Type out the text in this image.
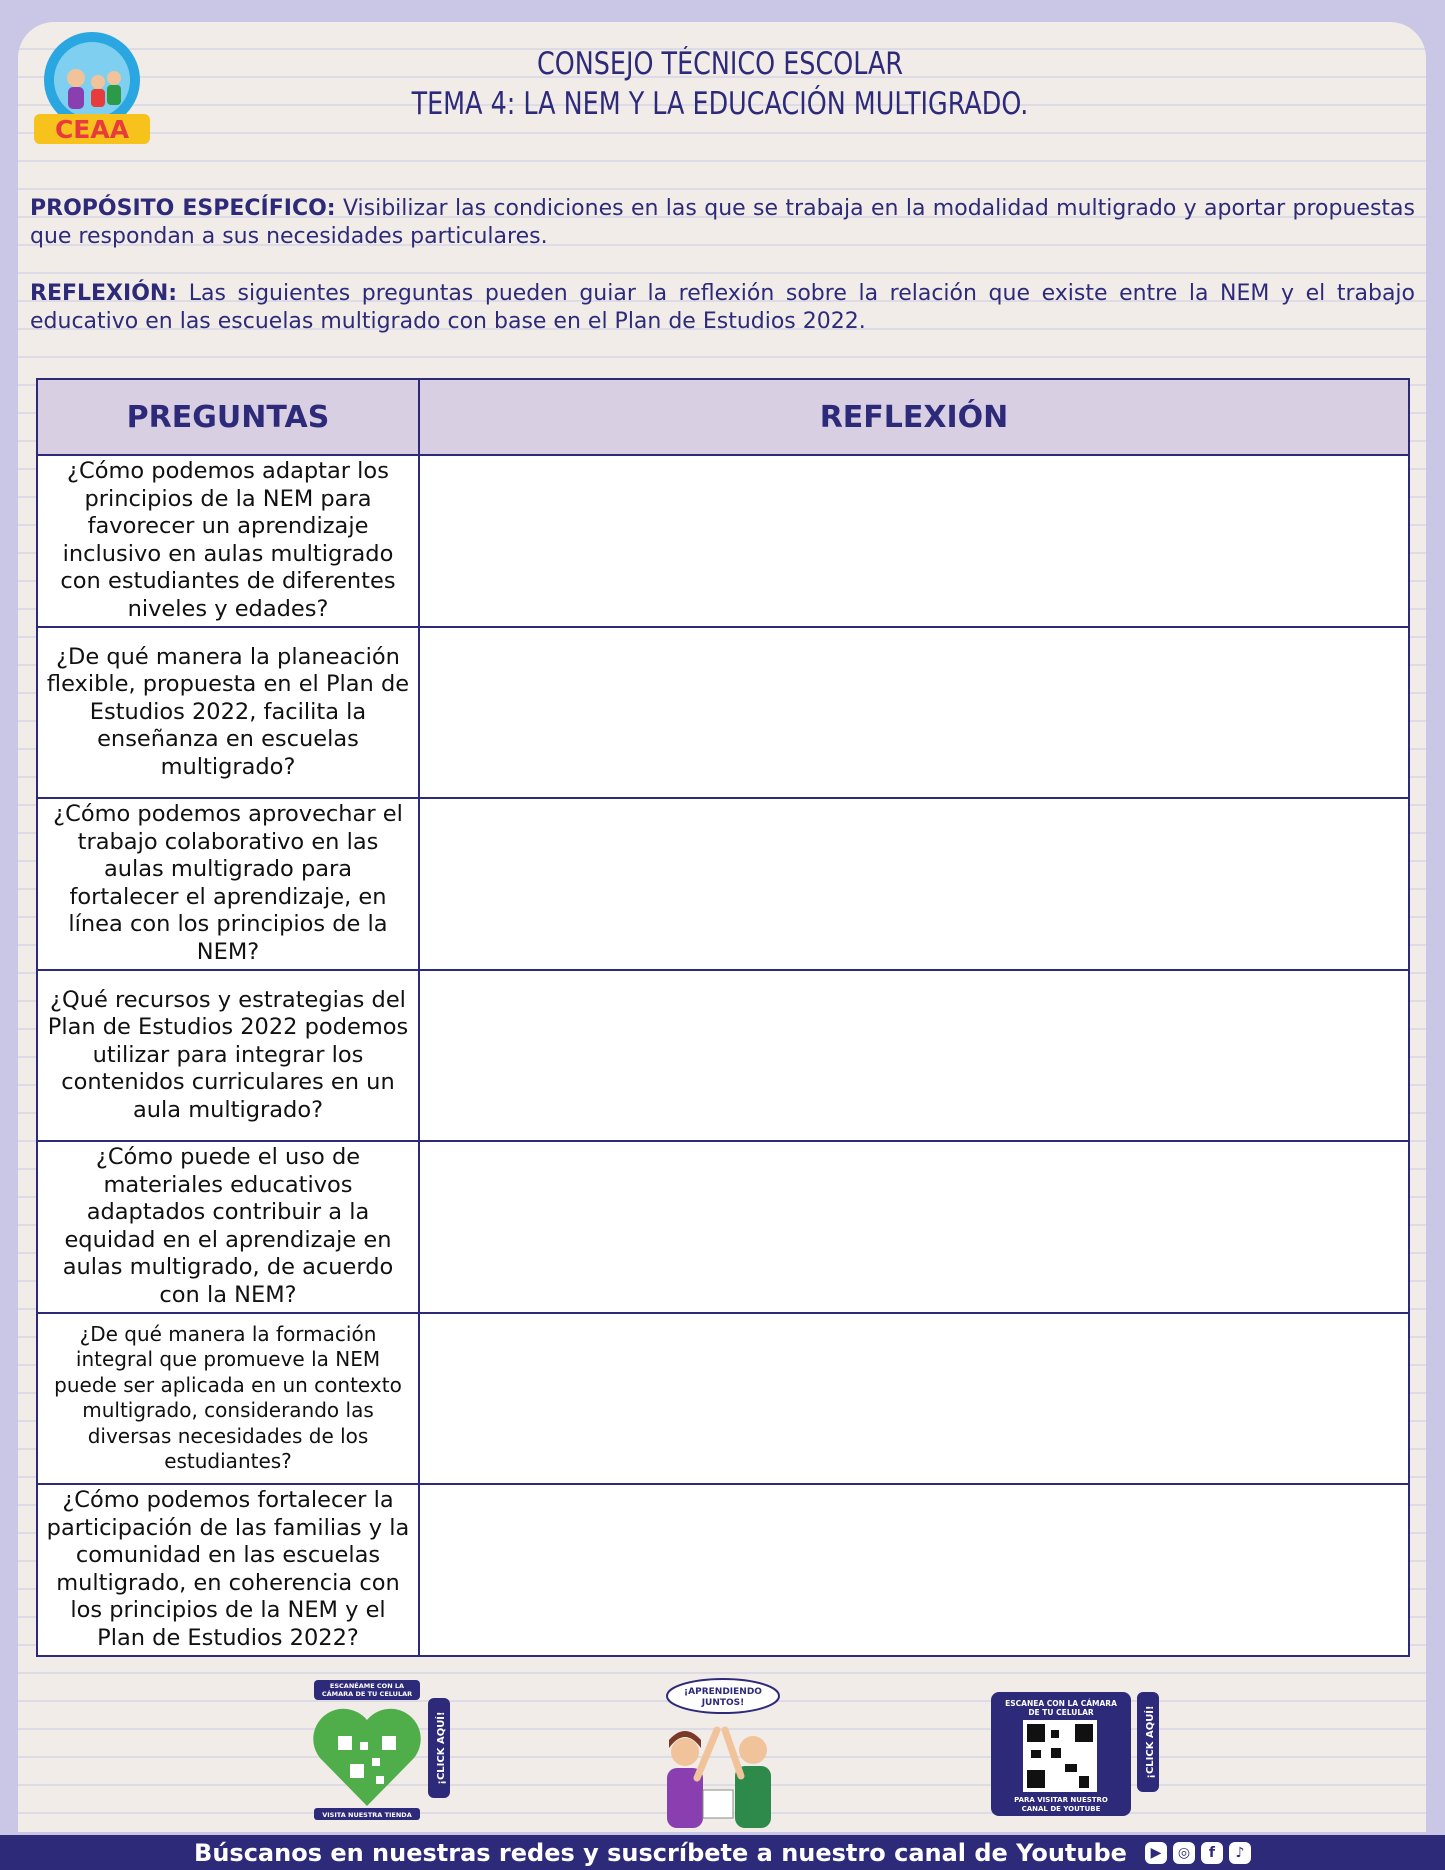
CEAA
CONSEJO TÉCNICO ESCOLAR
TEMA 4: LA NEM Y LA EDUCACIÓN MULTIGRADO.

PROPÓSITO ESPECÍFICO: Visibilizar las condiciones en las que se trabaja en la modalidad multigrado y aportar propuestas que respondan a sus necesidades particulares.

REFLEXIÓN: Las siguientes preguntas pueden guiar la reflexión sobre la relación que existe entre la NEM y el trabajo educativo en las escuelas multigrado con base en el Plan de Estudios 2022.

PREGUNTAS	REFLEXIÓN
¿Cómo podemos adaptar los principios de la NEM para favorecer un aprendizaje inclusivo en aulas multigrado con estudiantes de diferentes niveles y edades?	
¿De qué manera la planeación flexible, propuesta en el Plan de Estudios 2022, facilita la enseñanza en escuelas multigrado?	
¿Cómo podemos aprovechar el trabajo colaborativo en las aulas multigrado para fortalecer el aprendizaje, en línea con los principios de la NEM?	
¿Qué recursos y estrategias del Plan de Estudios 2022 podemos utilizar para integrar los contenidos curriculares en un aula multigrado?	
¿Cómo puede el uso de materiales educativos adaptados contribuir a la equidad en el aprendizaje en aulas multigrado, de acuerdo con la NEM?	
¿De qué manera la formación integral que promueve la NEM puede ser aplicada en un contexto multigrado, considerando las diversas necesidades de los estudiantes?	
¿Cómo podemos fortalecer la participación de las familias y la comunidad en las escuelas multigrado, en coherencia con los principios de la NEM y el Plan de Estudios 2022?	
ESCANÉAME CON LA
CÁMARA DE TU CELULAR
VISITA NUESTRA TIENDA
¡CLICK AQUÍ!
¡APRENDIENDO
JUNTOS!	ESCANEA CON LA CÁMARA
DE TU CELULAR
PARA VISITAR NUESTRO
CANAL DE YOUTUBE
¡CLICK AQUÍ!
Búscanos en nuestras redes y suscríbete a nuestro canal de Youtube	▶	◎	f	♪
